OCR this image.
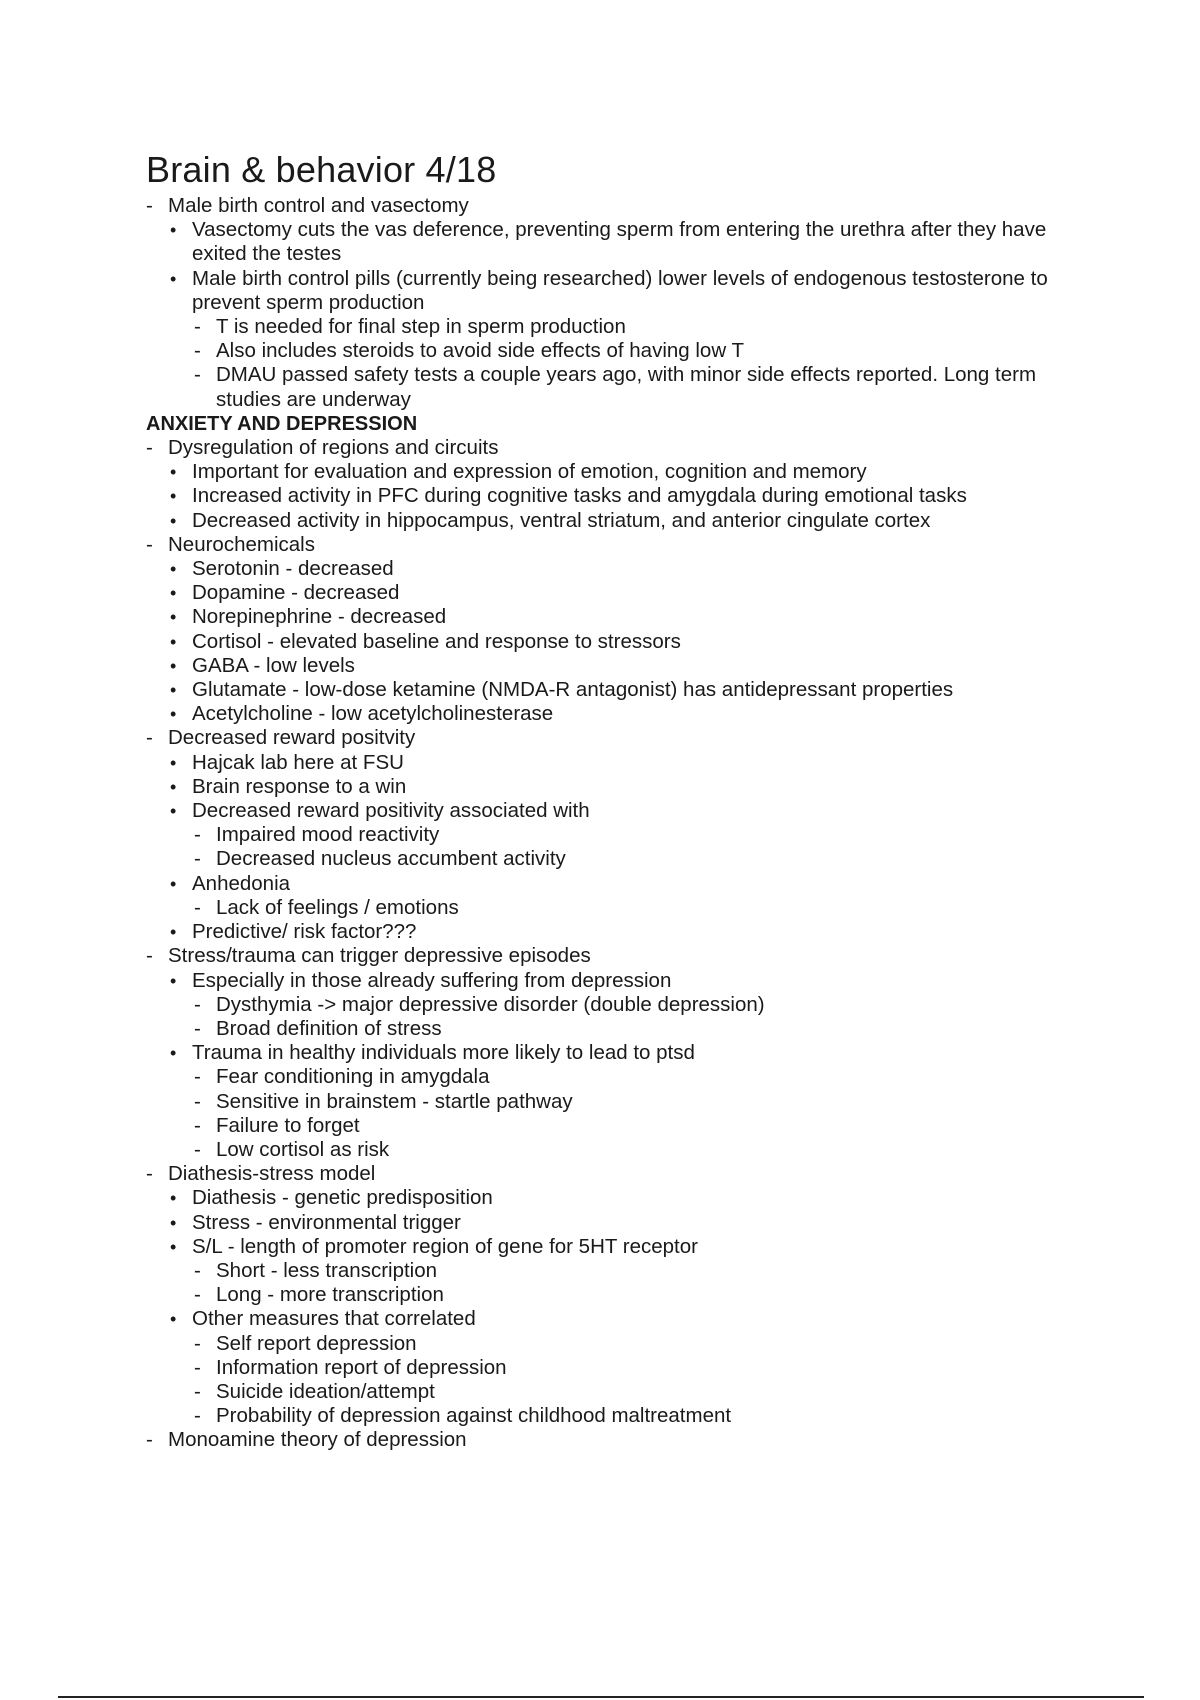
Brain & behavior 4/18
- Male birth control and vasectomy
• Vasectomy cuts the vas deference, preventing sperm from entering the urethra after they have exited the testes
• Male birth control pills (currently being researched) lower levels of endogenous testosterone to prevent sperm production
- T is needed for final step in sperm production
- Also includes steroids to avoid side effects of having low T
- DMAU passed safety tests a couple years ago, with minor side effects reported. Long term studies are underway
ANXIETY AND DEPRESSION
- Dysregulation of regions and circuits
• Important for evaluation and expression of emotion, cognition and memory
• Increased activity in PFC during cognitive tasks and amygdala during emotional tasks
• Decreased activity in hippocampus, ventral striatum, and anterior cingulate cortex
- Neurochemicals
• Serotonin - decreased
• Dopamine - decreased
• Norepinephrine - decreased
• Cortisol - elevated baseline and response to stressors
• GABA - low levels
• Glutamate - low-dose ketamine (NMDA-R antagonist) has antidepressant properties
• Acetylcholine - low acetylcholinesterase
- Decreased reward positvity
• Hajcak lab here at FSU
• Brain response to a win
• Decreased reward positivity associated with
- Impaired mood reactivity
- Decreased nucleus accumbent activity
• Anhedonia
- Lack of feelings / emotions
• Predictive/ risk factor???
- Stress/trauma can trigger depressive episodes
• Especially in those already suffering from depression
- Dysthymia -> major depressive disorder (double depression)
- Broad definition of stress
• Trauma in healthy individuals more likely to lead to ptsd
- Fear conditioning in amygdala
- Sensitive in brainstem - startle pathway
- Failure to forget
- Low cortisol as risk
- Diathesis-stress model
• Diathesis - genetic predisposition
• Stress - environmental trigger
• S/L - length of promoter region of gene for 5HT receptor
- Short - less transcription
- Long - more transcription
• Other measures that correlated
- Self report depression
- Information report of depression
- Suicide ideation/attempt
- Probability of depression against childhood maltreatment
- Monoamine theory of depression
